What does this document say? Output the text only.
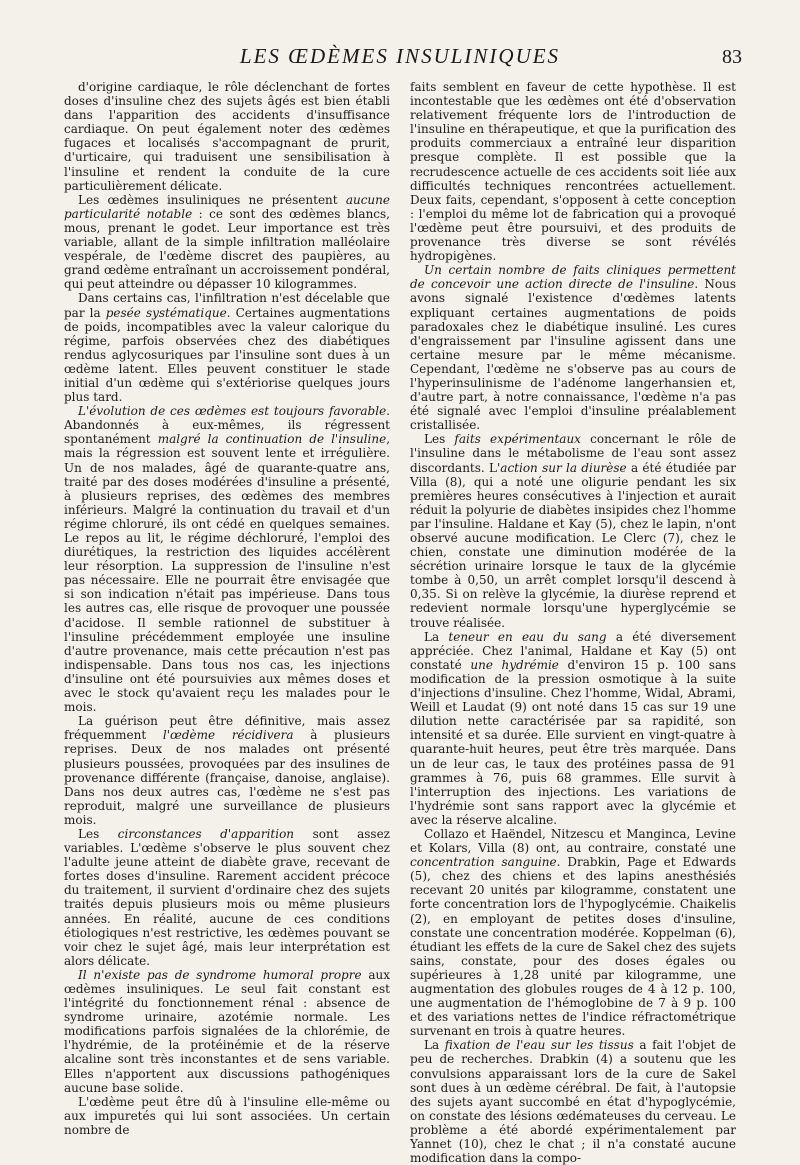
LES ŒDÈMES INSULINIQUES	83

d'origine cardiaque, le rôle déclenchant de fortes doses d'insuline chez des sujets âgés est bien établi dans l'apparition des accidents d'insuffisance cardiaque. On peut également noter des œdèmes fugaces et localisés s'accompagnant de prurit, d'urticaire, qui traduisent une sensibilisation à l'insuline et rendent la conduite de la cure particulièrement délicate.

Les œdèmes insuliniques ne présentent aucune particularité notable : ce sont des œdèmes blancs, mous, prenant le godet. Leur importance est très variable, allant de la simple infiltration malléolaire vespérale, de l'œdème discret des paupières, au grand œdème entraînant un accroissement pondéral, qui peut atteindre ou dépasser 10 kilogrammes.

Dans certains cas, l'infiltration n'est décelable que par la pesée systématique. Certaines augmentations de poids, incompatibles avec la valeur calorique du régime, parfois observées chez des diabétiques rendus aglycosuriques par l'insuline sont dues à un œdème latent. Elles peuvent constituer le stade initial d'un œdème qui s'extériorise quelques jours plus tard.

L'évolution de ces œdèmes est toujours favorable. Abandonnés à eux-mêmes, ils régressent spontanément malgré la continuation de l'insuline, mais la régression est souvent lente et irrégulière. Un de nos malades, âgé de quarante-quatre ans, traité par des doses modérées d'insuline a présenté, à plusieurs reprises, des œdèmes des membres inférieurs. Malgré la continuation du travail et d'un régime chloruré, ils ont cédé en quelques semaines. Le repos au lit, le régime déchloruré, l'emploi des diurétiques, la restriction des liquides accélèrent leur résorption. La suppression de l'insuline n'est pas nécessaire. Elle ne pourrait être envisagée que si son indication n'était pas impérieuse. Dans tous les autres cas, elle risque de provoquer une poussée d'acidose. Il semble rationnel de substituer à l'insuline précédemment employée une insuline d'autre provenance, mais cette précaution n'est pas indispensable. Dans tous nos cas, les injections d'insuline ont été poursuivies aux mêmes doses et avec le stock qu'avaient reçu les malades pour le mois.

La guérison peut être définitive, mais assez fréquemment l'œdème récidivera à plusieurs reprises. Deux de nos malades ont présenté plusieurs poussées, provoquées par des insulines de provenance différente (française, danoise, anglaise). Dans nos deux autres cas, l'œdème ne s'est pas reproduit, malgré une surveillance de plusieurs mois.

Les circonstances d'apparition sont assez variables. L'œdème s'observe le plus souvent chez l'adulte jeune atteint de diabète grave, recevant de fortes doses d'insuline. Rarement accident précoce du traitement, il survient d'ordinaire chez des sujets traités depuis plusieurs mois ou même plusieurs années. En réalité, aucune de ces conditions étiologiques n'est restrictive, les œdèmes pouvant se voir chez le sujet âgé, mais leur interprétation est alors délicate.

Il n'existe pas de syndrome humoral propre aux œdèmes insuliniques. Le seul fait constant est l'intégrité du fonctionnement rénal : absence de syndrome urinaire, azotémie normale. Les modifications parfois signalées de la chlorémie, de l'hydrémie, de la protéinémie et de la réserve alcaline sont très inconstantes et de sens variable. Elles n'apportent aux discussions pathogéniques aucune base solide.

L'œdème peut être dû à l'insuline elle-même ou aux impuretés qui lui sont associées. Un certain nombre de

faits semblent en faveur de cette hypothèse. Il est incontestable que les œdèmes ont été d'observation relativement fréquente lors de l'introduction de l'insuline en thérapeutique, et que la purification des produits commerciaux a entraîné leur disparition presque complète. Il est possible que la recrudescence actuelle de ces accidents soit liée aux difficultés techniques rencontrées actuellement. Deux faits, cependant, s'opposent à cette conception : l'emploi du même lot de fabrication qui a provoqué l'œdème peut être poursuivi, et des produits de provenance très diverse se sont révélés hydropigènes.

Un certain nombre de faits cliniques permettent de concevoir une action directe de l'insuline. Nous avons signalé l'existence d'œdèmes latents expliquant certaines augmentations de poids paradoxales chez le diabétique insuliné. Les cures d'engraissement par l'insuline agissent dans une certaine mesure par le même mécanisme. Cependant, l'œdème ne s'observe pas au cours de l'hyperinsulinisme de l'adénome langerhansien et, d'autre part, à notre connaissance, l'œdème n'a pas été signalé avec l'emploi d'insuline préalablement cristallisée.

Les faits expérimentaux concernant le rôle de l'insuline dans le métabolisme de l'eau sont assez discordants. L'action sur la diurèse a été étudiée par Villa (8), qui a noté une oligurie pendant les six premières heures consécutives à l'injection et aurait réduit la polyurie de diabètes insipides chez l'homme par l'insuline. Haldane et Kay (5), chez le lapin, n'ont observé aucune modification. Le Clerc (7), chez le chien, constate une diminution modérée de la sécrétion urinaire lorsque le taux de la glycémie tombe à 0,50, un arrêt complet lorsqu'il descend à 0,35. Si on relève la glycémie, la diurèse reprend et redevient normale lorsqu'une hyperglycémie se trouve réalisée.

La teneur en eau du sang a été diversement appréciée. Chez l'animal, Haldane et Kay (5) ont constaté une hydrémie d'environ 15 p. 100 sans modification de la pression osmotique à la suite d'injections d'insuline. Chez l'homme, Widal, Abrami, Weill et Laudat (9) ont noté dans 15 cas sur 19 une dilution nette caractérisée par sa rapidité, son intensité et sa durée. Elle survient en vingt-quatre à quarante-huit heures, peut être très marquée. Dans un de leur cas, le taux des protéines passa de 91 grammes à 76, puis 68 grammes. Elle survit à l'interruption des injections. Les variations de l'hydrémie sont sans rapport avec la glycémie et avec la réserve alcaline.

Collazo et Haëndel, Nitzescu et Manginca, Levine et Kolars, Villa (8) ont, au contraire, constaté une concentration sanguine. Drabkin, Page et Edwards (5), chez des chiens et des lapins anesthésiés recevant 20 unités par kilogramme, constatent une forte concentration lors de l'hypoglycémie. Chaikelis (2), en employant de petites doses d'insuline, constate une concentration modérée. Koppelman (6), étudiant les effets de la cure de Sakel chez des sujets sains, constate, pour des doses égales ou supérieures à 1,28 unité par kilogramme, une augmentation des globules rouges de 4 à 12 p. 100, une augmentation de l'hémoglobine de 7 à 9 p. 100 et des variations nettes de l'indice réfractométrique survenant en trois à quatre heures.

La fixation de l'eau sur les tissus a fait l'objet de peu de recherches. Drabkin (4) a soutenu que les convulsions apparaissant lors de la cure de Sakel sont dues à un œdème cérébral. De fait, à l'autopsie des sujets ayant succombé en état d'hypoglycémie, on constate des lésions œdémateuses du cerveau. Le problème a été abordé expérimentalement par Yannet (10), chez le chat ; il n'a constaté aucune modification dans la compo-
